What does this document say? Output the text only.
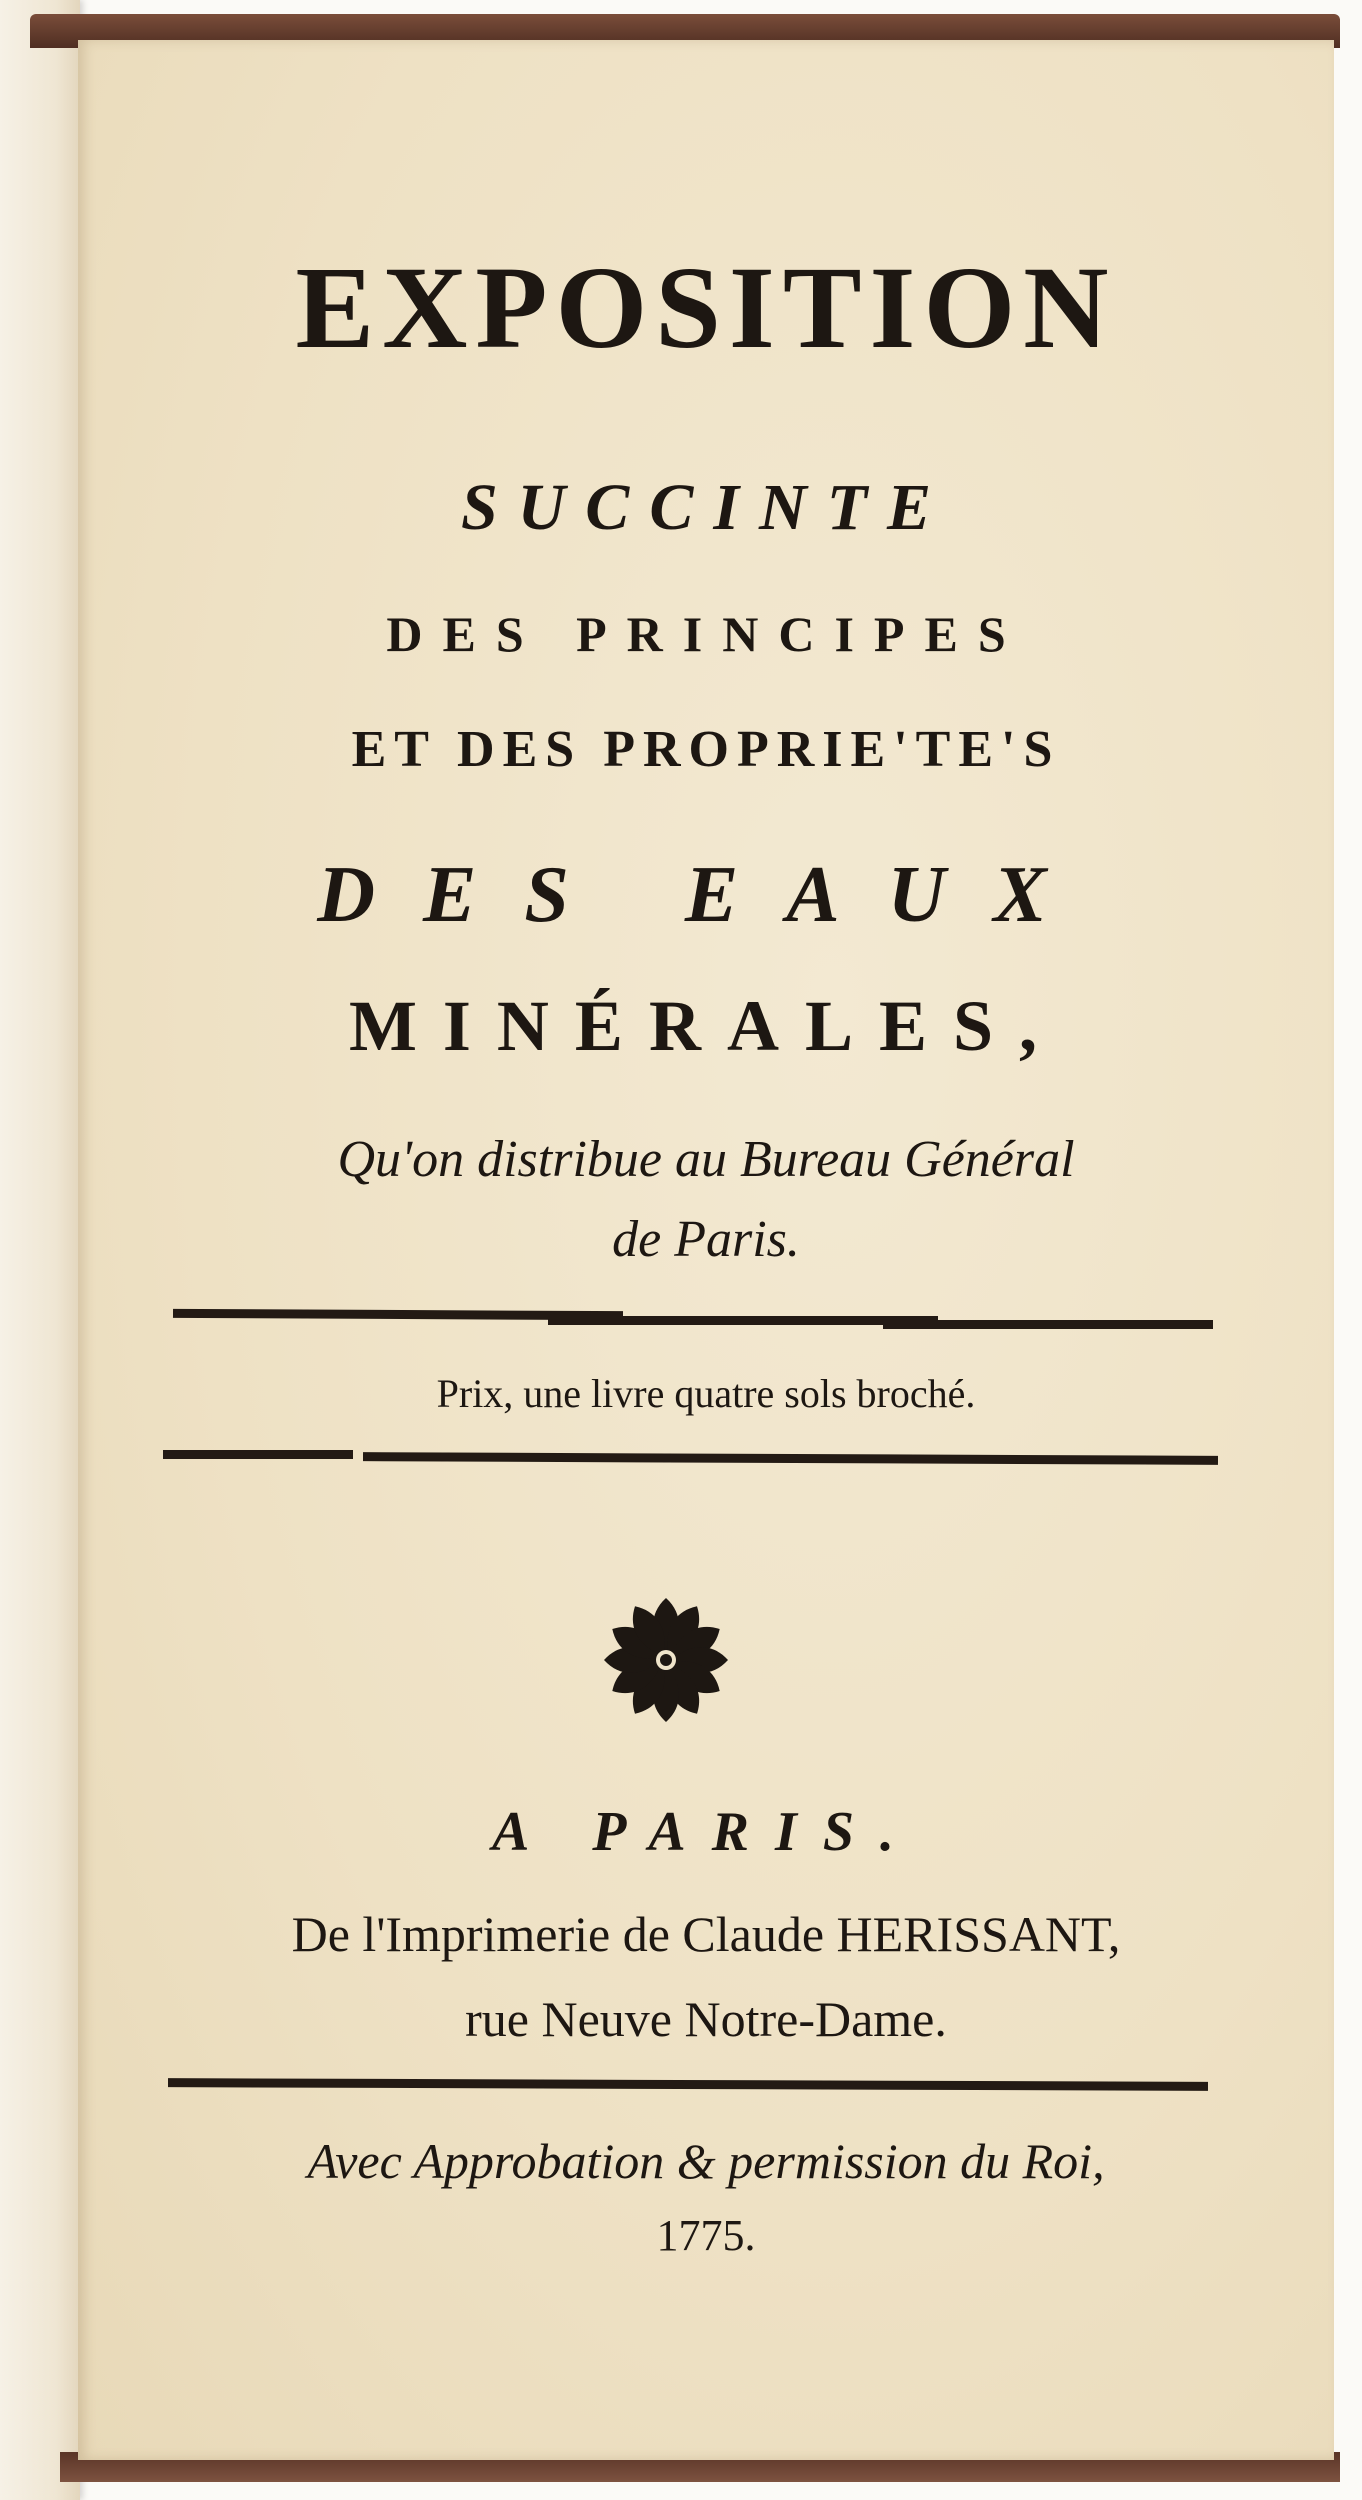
EXPOSITION
SUCCINTE
DES PRINCIPES
ET DES PROPRIE'TE'S
DES EAUX
MINÉRALES,
Qu'on distribue au Bureau Général
de Paris.
Prix, une livre quatre sols broché.
A PARIS.
De l'Imprimerie de Claude HERISSANT,
rue Neuve Notre-Dame.
Avec Approbation & permission du Roi,
1775.
